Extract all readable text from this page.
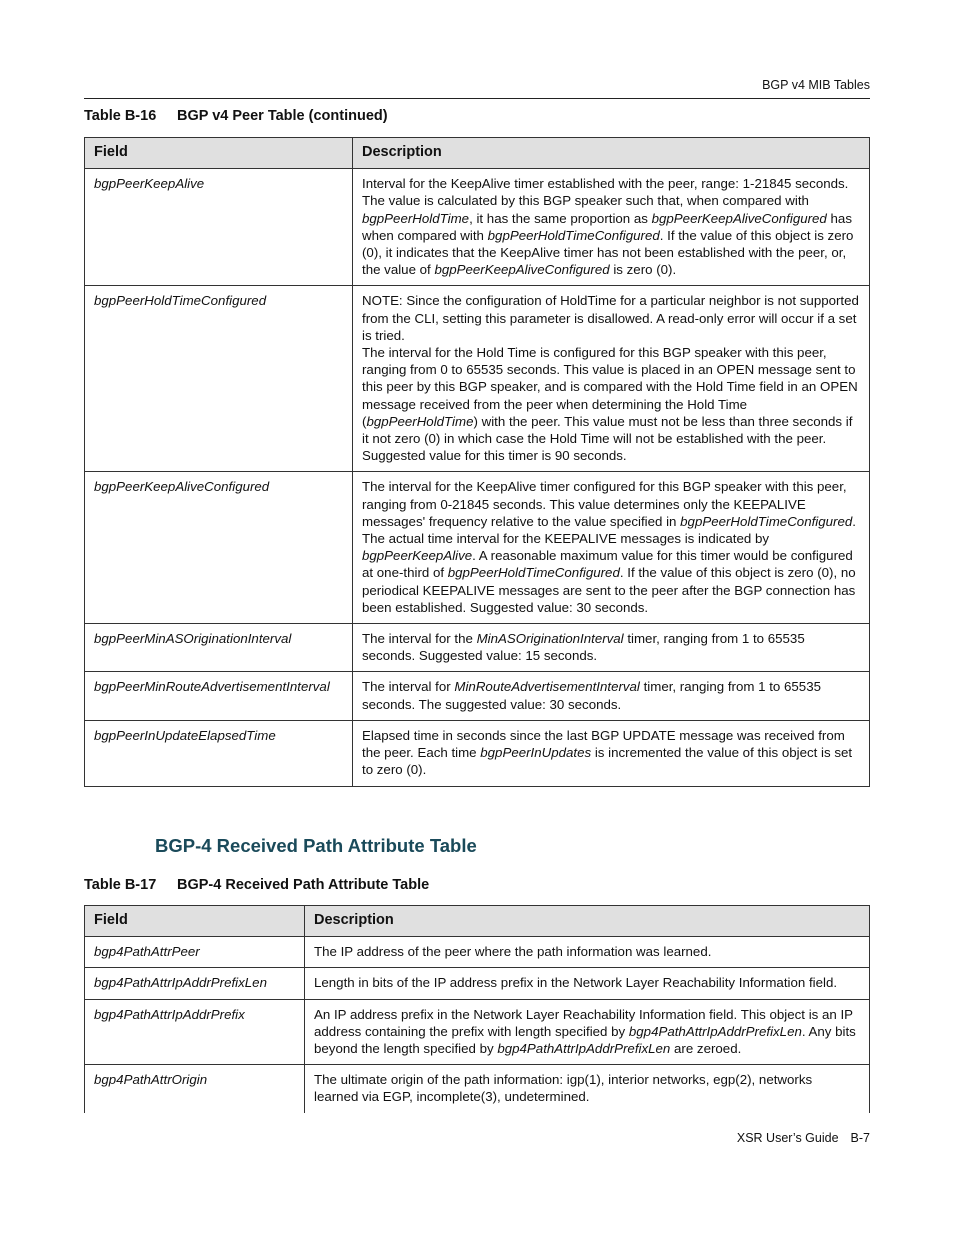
BGP v4 MIB Tables
Table B-16 BGP v4 Peer Table (continued)
Field	Description
bgpPeerKeepAlive	Interval for the KeepAlive timer established with the peer, range: 1-21845 seconds. The value is calculated by this BGP speaker such that, when compared with bgpPeerHoldTime, it has the same proportion as bgpPeerKeepAliveConfigured has when compared with bgpPeerHoldTimeConfigured. If the value of this object is zero (0), it indicates that the KeepAlive timer has not been established with the peer, or, the value of bgpPeerKeepAliveConfigured is zero (0).
bgpPeerHoldTimeConfigured	NOTE: Since the configuration of HoldTime for a particular neighbor is not supported from the CLI, setting this parameter is disallowed. A read-only error will occur if a set is tried.
The interval for the Hold Time is configured for this BGP speaker with this peer, ranging from 0 to 65535 seconds. This value is placed in an OPEN message sent to this peer by this BGP speaker, and is compared with the Hold Time field in an OPEN message received from the peer when determining the Hold Time (bgpPeerHoldTime) with the peer. This value must not be less than three seconds if it not zero (0) in which case the Hold Time will not be established with the peer. Suggested value for this timer is 90 seconds.
bgpPeerKeepAliveConfigured	The interval for the KeepAlive timer configured for this BGP speaker with this peer, ranging from 0-21845 seconds. This value determines only the KEEPALIVE messages' frequency relative to the value specified in bgpPeerHoldTimeConfigured. The actual time interval for the KEEPALIVE messages is indicated by bgpPeerKeepAlive. A reasonable maximum value for this timer would be configured at one-third of bgpPeerHoldTimeConfigured. If the value of this object is zero (0), no periodical KEEPALIVE messages are sent to the peer after the BGP connection has been established. Suggested value: 30 seconds.
bgpPeerMinASOriginationInterval	The interval for the MinASOriginationInterval timer, ranging from 1 to 65535 seconds. Suggested value: 15 seconds.
bgpPeerMinRouteAdvertisementInterval	The interval for MinRouteAdvertisementInterval timer, ranging from 1 to 65535 seconds. The suggested value: 30 seconds.
bgpPeerInUpdateElapsedTime	Elapsed time in seconds since the last BGP UPDATE message was received from the peer. Each time bgpPeerInUpdates is incremented the value of this object is set to zero (0).
BGP-4 Received Path Attribute Table
Table B-17 BGP-4 Received Path Attribute Table
Field	Description
bgp4PathAttrPeer	The IP address of the peer where the path information was learned.
bgp4PathAttrIpAddrPrefixLen	Length in bits of the IP address prefix in the Network Layer Reachability Information field.
bgp4PathAttrIpAddrPrefix	An IP address prefix in the Network Layer Reachability Information field. This object is an IP address containing the prefix with length specified by bgp4PathAttrIpAddrPrefixLen. Any bits beyond the length specified by bgp4PathAttrIpAddrPrefixLen are zeroed.
bgp4PathAttrOrigin	The ultimate origin of the path information: igp(1), interior networks, egp(2), networks learned via EGP, incomplete(3), undetermined.
XSR User’s Guide B-7
